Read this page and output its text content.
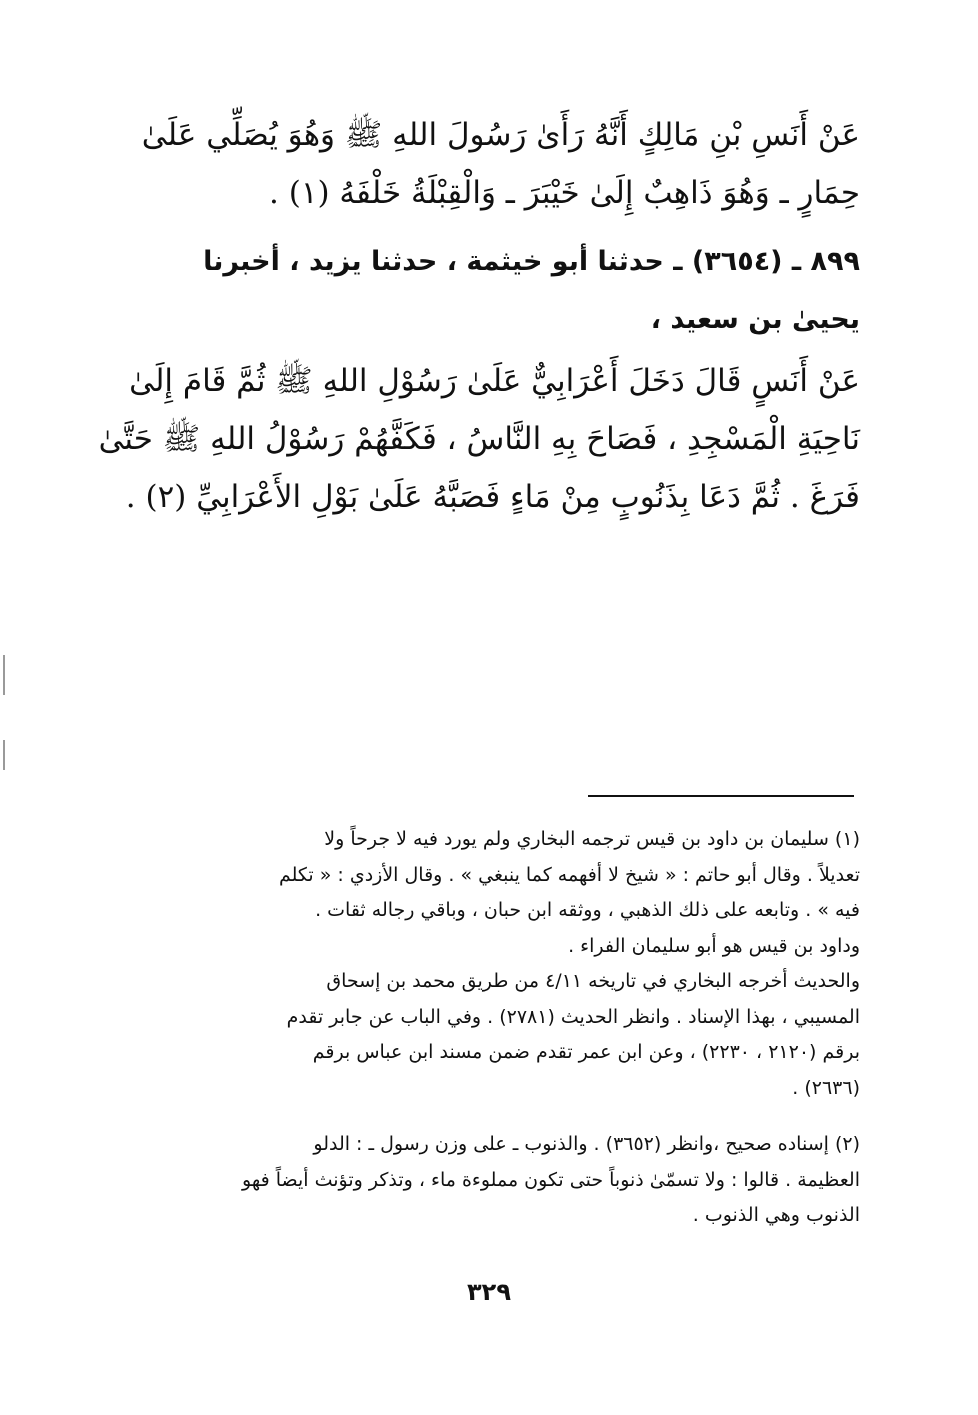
عَنْ أَنَسِ بْنِ مَالِكٍ أَنَّهُ رَأَىٰ رَسُولَ اللهِ ﷺ وَهُوَ يُصَلِّي عَلَىٰ
حِمَارٍ ـ وَهُوَ ذَاهِبٌ إِلَىٰ خَيْبَرَ ـ وَالْقِبْلَةُ خَلْفَهُ (١) .
٨٩٩ ـ (٣٦٥٤) ـ حدثنا أبو خيثمة ، حدثنا يزيد ، أخبرنا
يحيىٰ بن سعيد ،
عَنْ أَنَسٍ قَالَ دَخَلَ أَعْرَابِيٌّ عَلَىٰ رَسُوْلِ اللهِ ﷺ ثُمَّ قَامَ إِلَىٰ
نَاحِيَةِ الْمَسْجِدِ ، فَصَاحَ بِهِ النَّاسُ ، فَكَفَّهُمْ رَسُوْلُ اللهِ ﷺ حَتَّىٰ
فَرَغَ . ثُمَّ دَعَا بِذَنُوبٍ مِنْ مَاءٍ فَصَبَّهُ عَلَىٰ بَوْلِ الأَعْرَابِيِّ (٢) .
(١) سليمان بن داود بن قيس ترجمه البخاري ولم يورد فيه لا جرحاً ولا
تعديلاً . وقال أبو حاتم : « شيخ لا أفهمه كما ينبغي » . وقال الأزدي : « تكلم
فيه » . وتابعه على ذلك الذهبي ، ووثقه ابن حبان ، وباقي رجاله ثقات .
وداود بن قيس هو أبو سليمان الفراء .
والحديث أخرجه البخاري في تاريخه ٤/١١ من طريق محمد بن إسحاق
المسيبي ، بهذا الإسناد . وانظر الحديث (٢٧٨١) . وفي الباب عن جابر تقدم
برقم (٢١٢٠ ، ٢٢٣٠) ، وعن ابن عمر تقدم ضمن مسند ابن عباس برقم
(٢٦٣٦) .
(٢) إسناده صحيح ،وانظر (٣٦٥٢) . والذنوب ـ على وزن رسول ـ : الدلو
العظيمة . قالوا : ولا تسمّىٰ ذنوباً حتى تكون مملوءة ماء ، وتذكر وتؤنث أيضاً فهو
الذنوب وهي الذنوب .
٣٢٩
